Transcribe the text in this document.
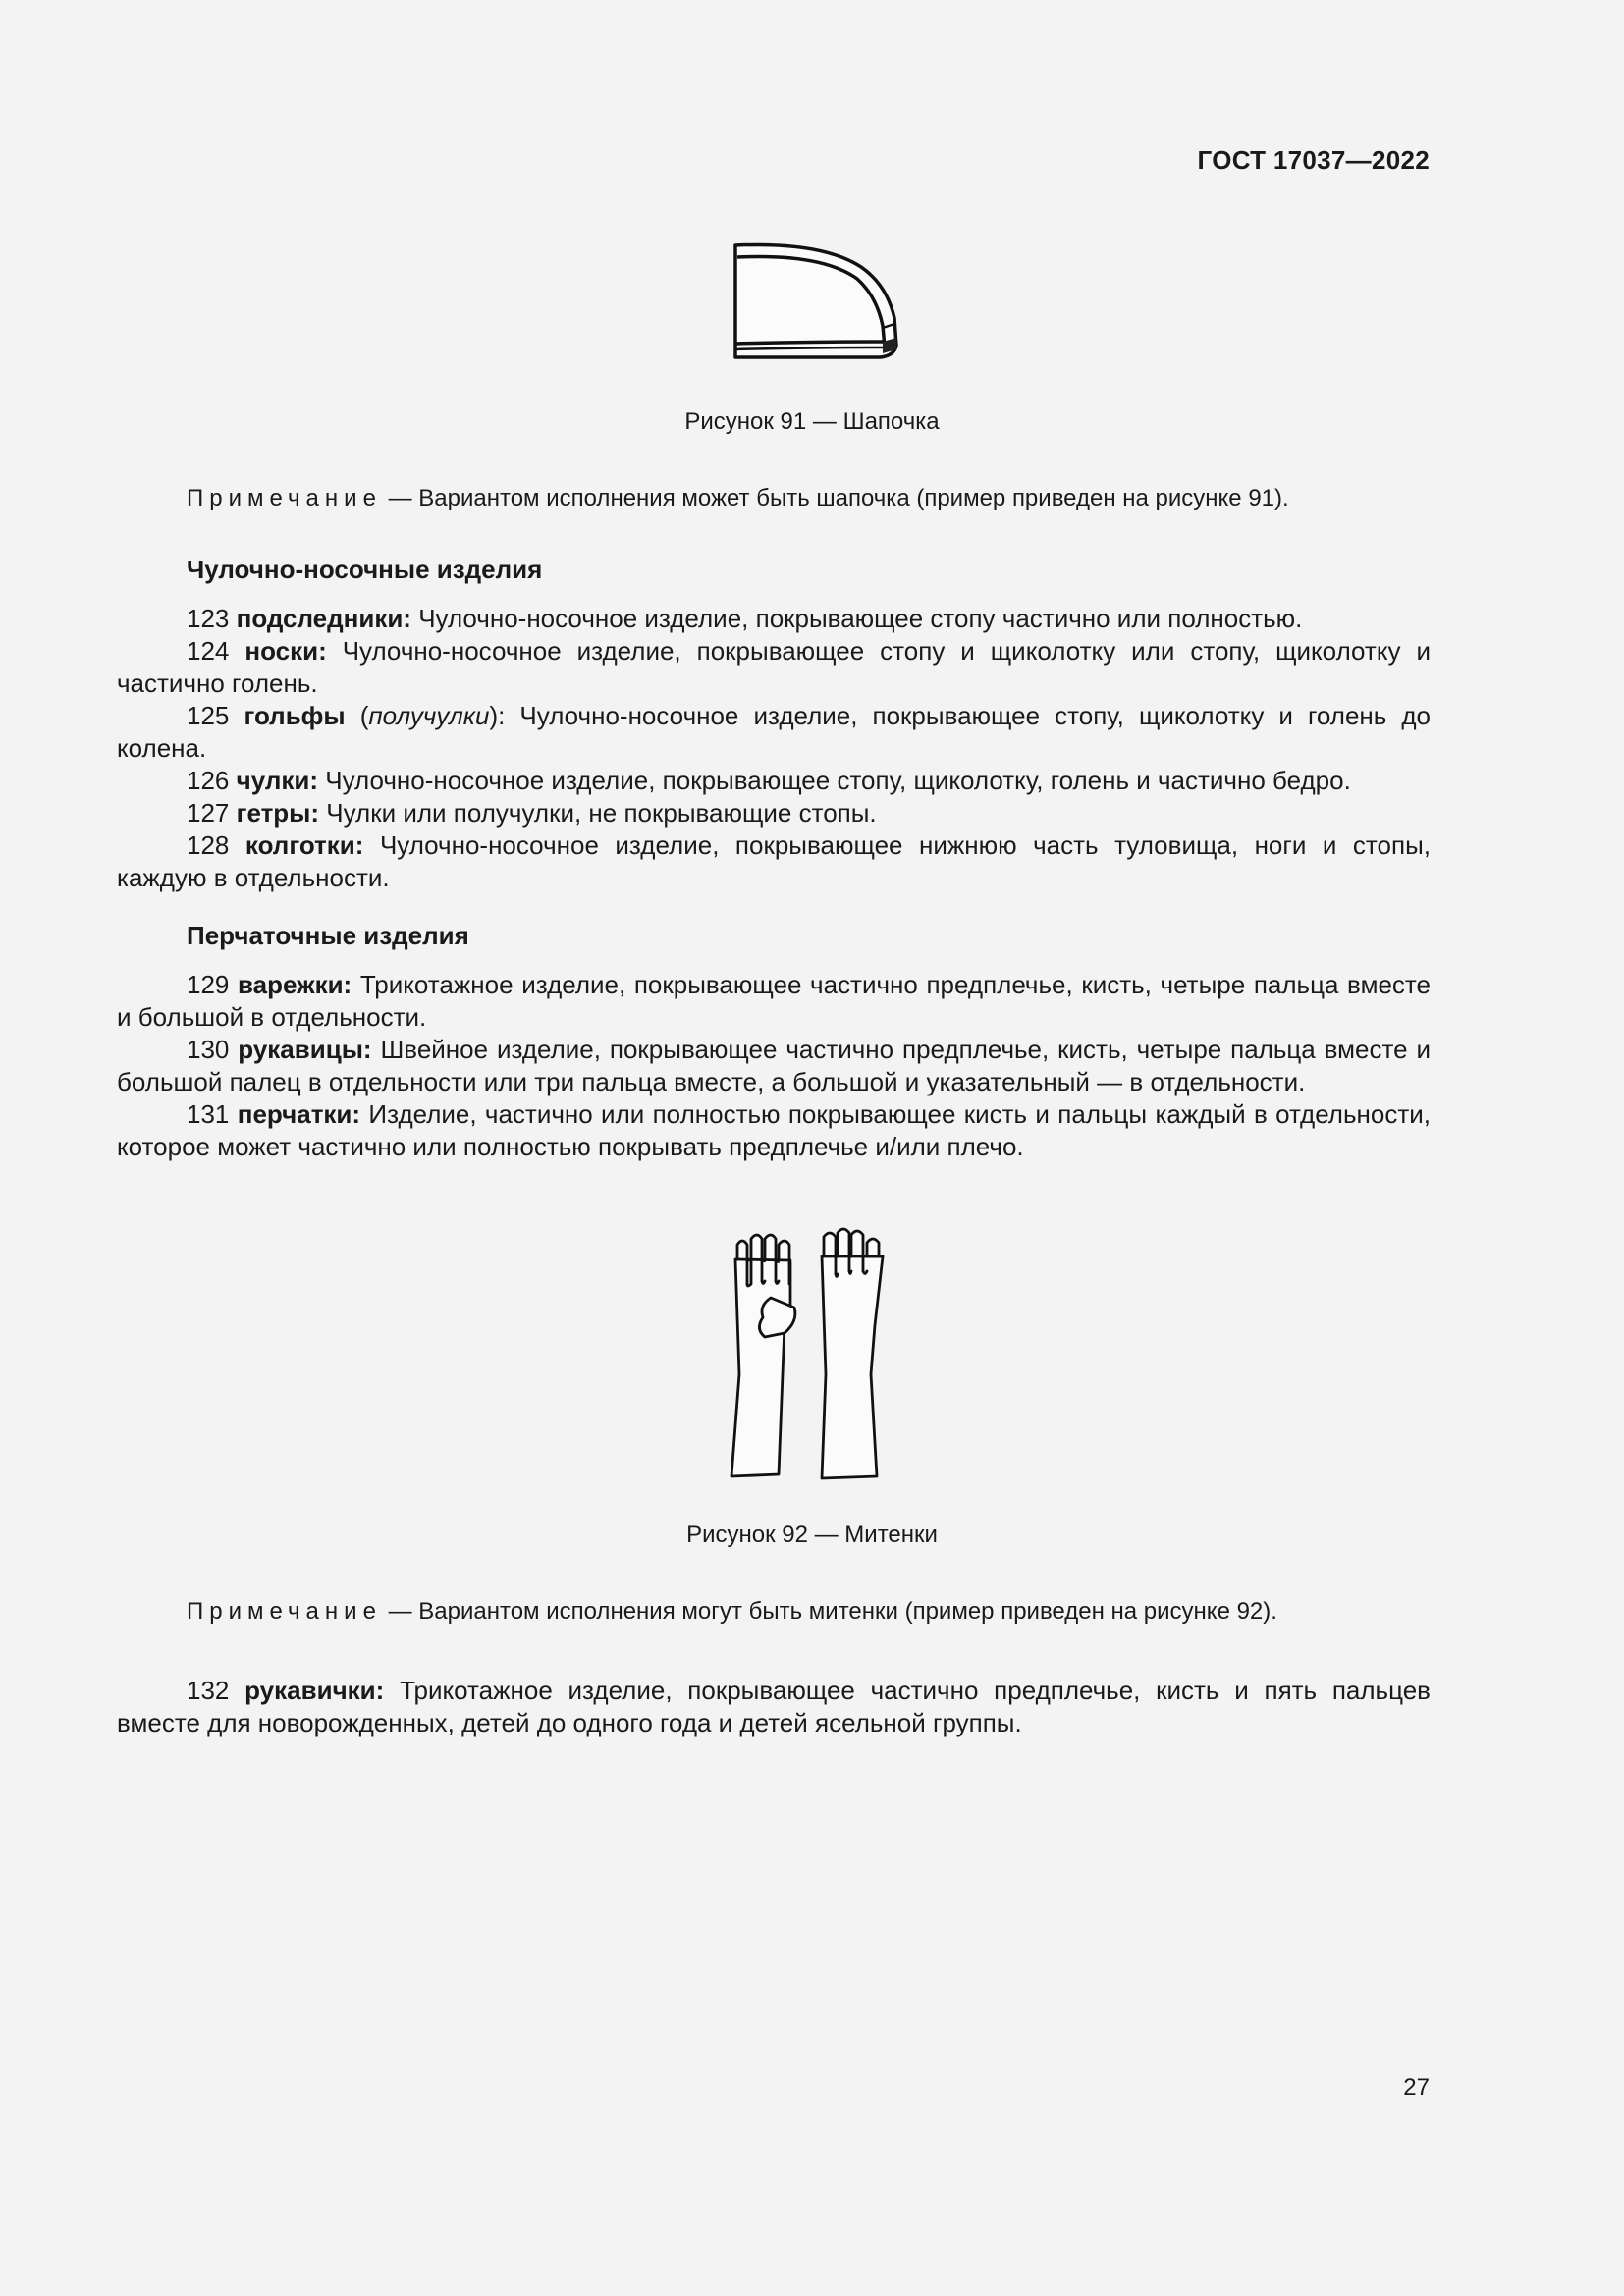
ГОСТ 17037—2022
Рисунок 91 — Шапочка
Примечание — Вариантом исполнения может быть шапочка (пример приведен на рисунке 91).
Чулочно-носочные изделия

123 подследники: Чулочно-носочное изделие, покрывающее стопу частично или полностью.

124 носки: Чулочно-носочное изделие, покрывающее стопу и щиколотку или стопу, щиколотку и частично голень.

125 гольфы (получулки): Чулочно-носочное изделие, покрывающее стопу, щиколотку и голень до колена.

126 чулки: Чулочно-носочное изделие, покрывающее стопу, щиколотку, голень и частично бедро.

127 гетры: Чулки или получулки, не покрывающие стопы.

128 колготки: Чулочно-носочное изделие, покрывающее нижнюю часть туловища, ноги и стопы, каждую в отдельности.

Перчаточные изделия

129 варежки: Трикотажное изделие, покрывающее частично предплечье, кисть, четыре пальца вместе и большой в отдельности.

130 рукавицы: Швейное изделие, покрывающее частично предплечье, кисть, четыре пальца вместе и большой палец в отдельности или три пальца вместе, а большой и указательный — в отдельности.

131 перчатки: Изделие, частично или полностью покрывающее кисть и пальцы каждый в отдельности, которое может частично или полностью покрывать предплечье и/или плечо.

Рисунок 92 — Митенки
Примечание — Вариантом исполнения могут быть митенки (пример приведен на рисунке 92).

132 рукавички: Трикотажное изделие, покрывающее частично предплечье, кисть и пять пальцев вместе для новорожденных, детей до одного года и детей ясельной группы.

27
